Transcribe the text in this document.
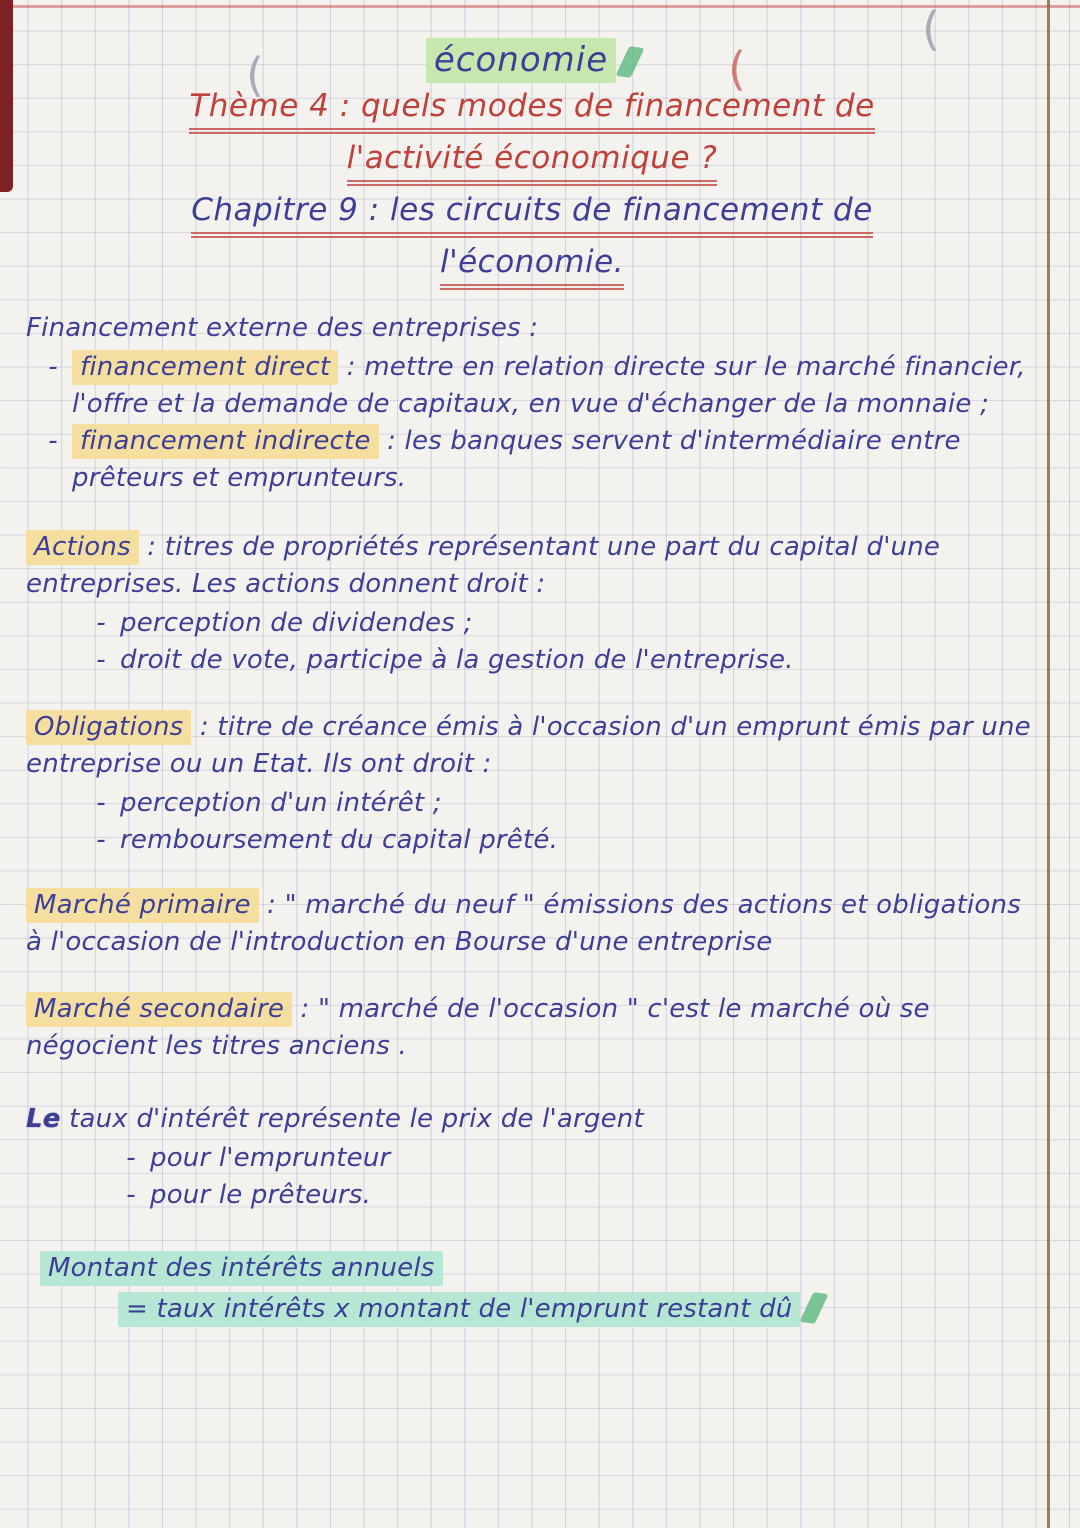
(	(
(
économie
Thème 4 : quels modes de financement de
l'activité économique ?
Chapitre 9 : les circuits de financement de
l'économie.

Financement externe des entreprises :

- financement direct : mettre en relation directe sur le marché financier, l'offre et la demande de capitaux, en vue d'échanger de la monnaie ;
- financement indirecte : les banques servent d'intermédiaire entre prêteurs et emprunteurs.

Actions : titres de propriétés représentant une part du capital d'une entreprises. Les actions donnent droit :

- perception de dividendes ;
- droit de vote, participe à la gestion de l'entreprise.

Obligations : titre de créance émis à l'occasion d'un emprunt émis par une entreprise ou un Etat. Ils ont droit :

- perception d'un intérêt ;
- remboursement du capital prêté.

Marché primaire : " marché du neuf " émissions des actions et obligations à l'occasion de l'introduction en Bourse d'une entreprise

Marché secondaire : " marché de l'occasion " c'est le marché où se négocient les titres anciens .

Le taux d'intérêt représente le prix de l'argent

- pour l'emprunteur
- pour le prêteurs.

Montant des intérêts annuels

= taux intérêts x montant de l'emprunt restant dû
